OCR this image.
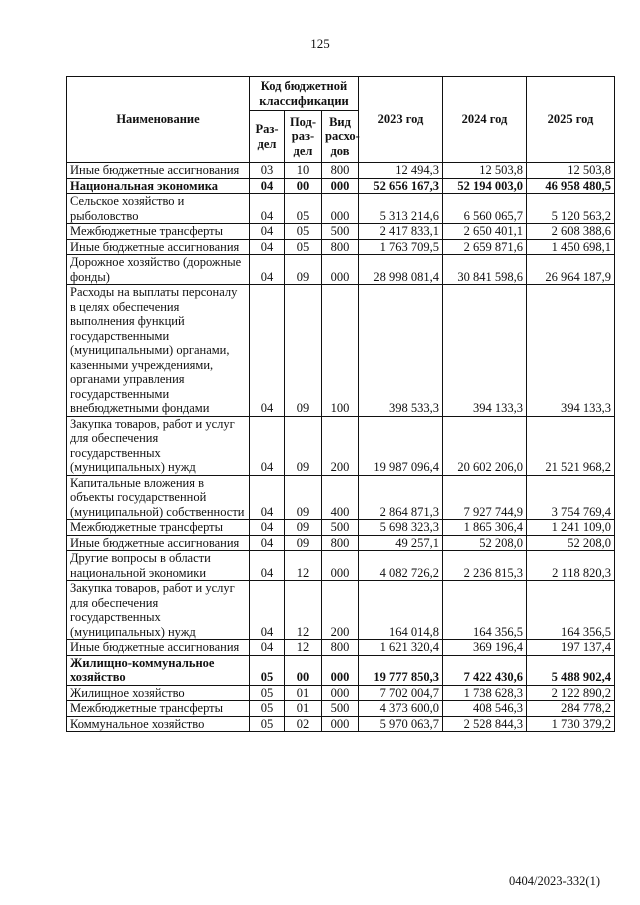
125
Наименование	Код бюджетной классификации			2023 год	2024 год	2025 год
	Раз-дел	Под-раз-дел	Вид расхо-дов			
Иные бюджетные ассигнования	03	10	800	12 494,3	12 503,8	12 503,8
Национальная экономика	04	00	000	52 656 167,3	52 194 003,0	46 958 480,5
Сельское хозяйство и рыболовство	04	05	000	5 313 214,6	6 560 065,7	5 120 563,2
Межбюджетные трансферты	04	05	500	2 417 833,1	2 650 401,1	2 608 388,6
Иные бюджетные ассигнования	04	05	800	1 763 709,5	2 659 871,6	1 450 698,1
Дорожное хозяйство (дорожные фонды)	04	09	000	28 998 081,4	30 841 598,6	26 964 187,9
Расходы на выплаты персоналу в целях обеспечения выполнения функций государственными (муниципальными) органами, казенными учреждениями, органами управления государственными внебюджетными фондами	04	09	100	398 533,3	394 133,3	394 133,3
Закупка товаров, работ и услуг для обеспечения государственных (муниципальных) нужд	04	09	200	19 987 096,4	20 602 206,0	21 521 968,2
Капитальные вложения в объекты государственной (муниципальной) собственности	04	09	400	2 864 871,3	7 927 744,9	3 754 769,4
Межбюджетные трансферты	04	09	500	5 698 323,3	1 865 306,4	1 241 109,0
Иные бюджетные ассигнования	04	09	800	49 257,1	52 208,0	52 208,0
Другие вопросы в области национальной экономики	04	12	000	4 082 726,2	2 236 815,3	2 118 820,3
Закупка товаров, работ и услуг для обеспечения государственных (муниципальных) нужд	04	12	200	164 014,8	164 356,5	164 356,5
Иные бюджетные ассигнования	04	12	800	1 621 320,4	369 196,4	197 137,4
Жилищно-коммунальное хозяйство	05	00	000	19 777 850,3	7 422 430,6	5 488 902,4
Жилищное хозяйство	05	01	000	7 702 004,7	1 738 628,3	2 122 890,2
Межбюджетные трансферты	05	01	500	4 373 600,0	408 546,3	284 778,2
Коммунальное хозяйство	05	02	000	5 970 063,7	2 528 844,3	1 730 379,2
0404/2023-332(1)
